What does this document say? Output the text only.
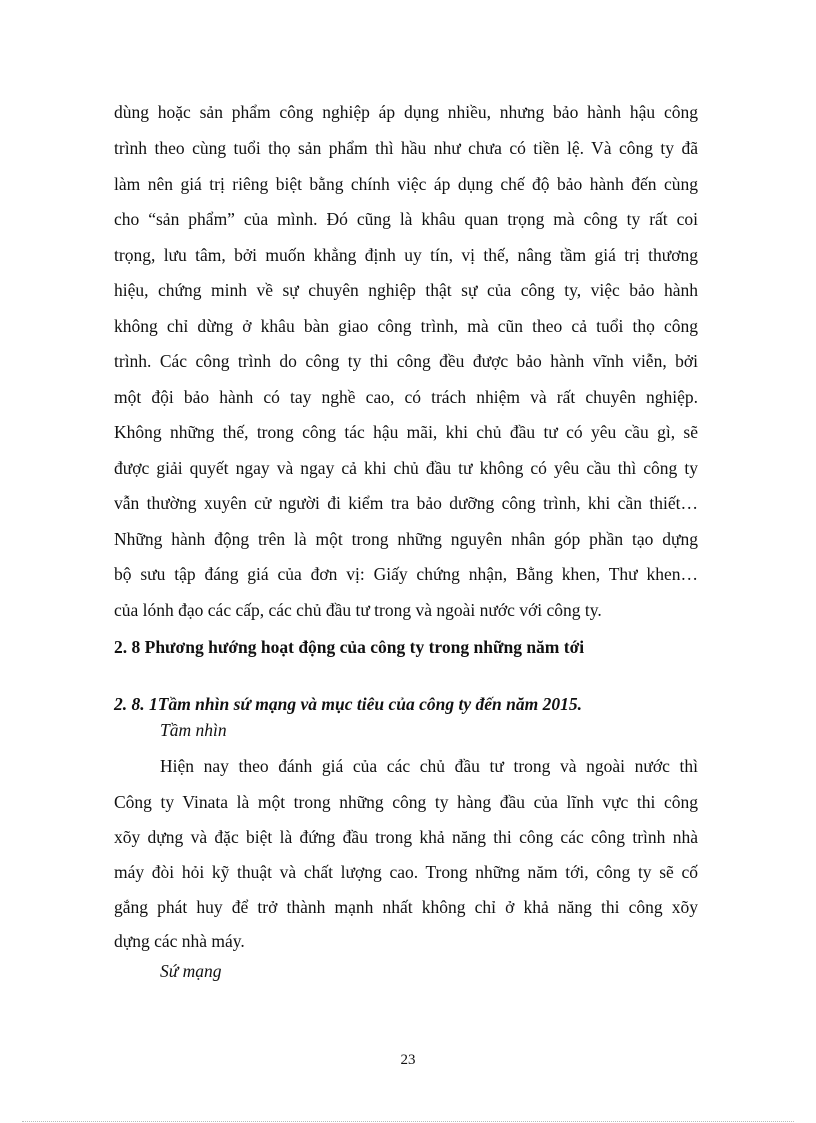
dùng hoặc sản phẩm công nghiệp áp dụng nhiều, nhưng bảo hành hậu công
trình theo cùng tuổi thọ sản phẩm thì hầu như chưa có tiền lệ. Và công ty đã
làm nên giá trị riêng biệt bằng chính việc áp dụng chế độ bảo hành đến cùng
cho “sản phẩm” của mình. Đó cũng là khâu quan trọng mà công ty rất coi
trọng, lưu tâm, bởi muốn khẳng định uy tín, vị thế, nâng tầm giá trị thương
hiệu, chứng minh về sự chuyên nghiệp thật sự của công ty, việc bảo hành
không chỉ dừng ở khâu bàn giao công trình, mà cũn theo cả tuổi thọ công
trình. Các công trình do công ty thi công đều được bảo hành vĩnh viễn, bởi
một đội bảo hành có tay nghề cao, có trách nhiệm và rất chuyên nghiệp.
Không những thế, trong công tác hậu mãi, khi chủ đầu tư có yêu cầu gì, sẽ
được giải quyết ngay và ngay cả khi chủ đầu tư không có yêu cầu thì công ty
vẫn thường xuyên cử người đi kiểm tra bảo dưỡng công trình, khi cần thiết…
Những hành động trên là một trong những nguyên nhân góp phần tạo dựng
bộ sưu tập đáng giá của đơn vị: Giấy chứng nhận, Bằng khen, Thư khen…
của lónh đạo các cấp, các chủ đầu tư trong và ngoài nước với công ty.
2. 8 Phương hướng hoạt động của công ty trong những năm tới
2. 8. 1Tầm nhìn sứ mạng và mục tiêu của công ty đến năm 2015.
Tầm nhìn
Hiện nay theo đánh giá của các chủ đầu tư trong và ngoài nước thì
Công ty Vinata là một trong những công ty hàng đầu của lĩnh vực thi công
xõy dựng và đặc biệt là đứng đầu trong khả năng thi công các công trình nhà
máy đòi hỏi kỹ thuật và chất lượng cao. Trong những năm tới, công ty sẽ cố
gắng phát huy để trở thành mạnh nhất không chỉ ở khả năng thi công xõy
dựng các nhà máy.
Sứ mạng
23
